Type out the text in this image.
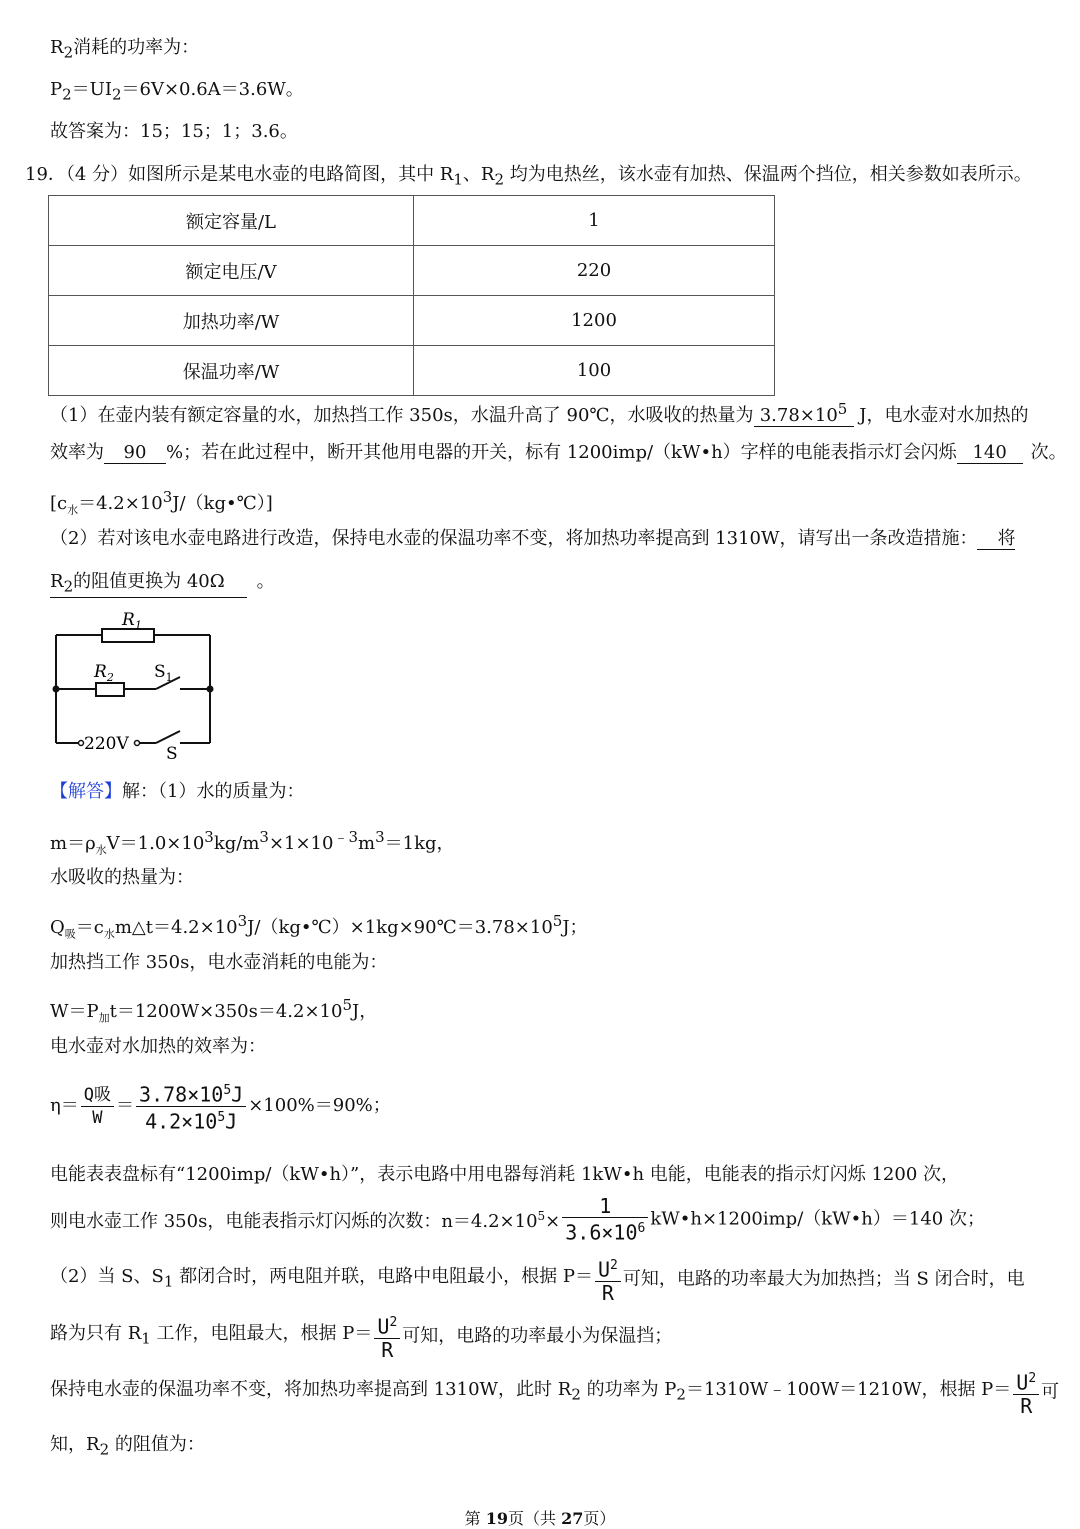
$R_2$消耗的功率为：
$P_2=UI_2=6V\times 0.6A=3.6W$。
故答案为：15；15；1；3.6。
19．（4 分）如图所示是某电水壶的电路简图，其中 $R_1$、$R_2$ 均为电热丝，该水壶有加热、保温两个挡位，相关参数如表所示。
额定容量/L	1
额定电压/V	220
加热功率/W	1200
保温功率/W	100
（1）在壶内装有额定容量的水，加热挡工作 350s，水温升高了 90℃，水吸收的热量为 $3.78\times 10^5$ J，电水壶对水加热的
效率为 90 %；若在此过程中，断开其他用电器的开关，标有 1200imp/（kW•h）字样的电能表指示灯会闪烁 140 次。
$[c_水=4.2\times 10^3J/(kg•℃)]$
（2）若对该电水壶电路进行改造，保持电水壶的保温功率不变，将加热功率提高到 1310W，请写出一条改造措施： 将
$R_2$的阻值更换为 40Ω 。
$R_1$
$R_2$ $S_1$
220V S
【解答】解：（1）水的质量为：
$m=\rho_水V=1.0\times 10^3kg/m^3\times 1\times 10^{﹣3}m^3=1kg$，
水吸收的热量为：
$Q_吸=c_水m\triangle t=4.2\times 10^3J/(kg•℃)\times 1kg\times 90℃=3.78\times 10^5J$；
加热挡工作 350s，电水壶消耗的电能为：
$W=P_加t=1200W\times 350s=4.2\times 10^5J$，
电水壶对水加热的效率为：
$\eta= \frac{\text{Q吸}}{W} = \frac{3.78\times 10^5J}{4.2\times 10^5J} \times 100\%=90\%$；
电能表表盘标有“1200imp/（kW•h）”，表示电路中用电器每消耗 1kW•h 电能，电能表的指示灯闪烁 1200 次，
则电水壶工作 350s，电能表指示灯闪烁的次数：$n=4.2\times 10^5\times \frac{1}{3.6\times 10^6}$ kW•h×1200imp/（kW•h）＝140 次；
（2）当 S、$S_1$ 都闭合时，两电阻并联，电路中电阻最小，根据 $P= \frac{U^2}{R}$ 可知，电路的功率最大为加热挡；当 S 闭合时，电
路为只有 $R_1$ 工作，电阻最大，根据 $P= \frac{U^2}{R}$ 可知，电路的功率最小为保温挡；
保持电水壶的保温功率不变，将加热功率提高到 1310W，此时 $R_2$ 的功率为 $P_2=1310W﹣100W=1210W$，根据 $P= \frac{U^2}{R}$ 可
知，$R_2$ 的阻值为：
第 19页（共 27页）
